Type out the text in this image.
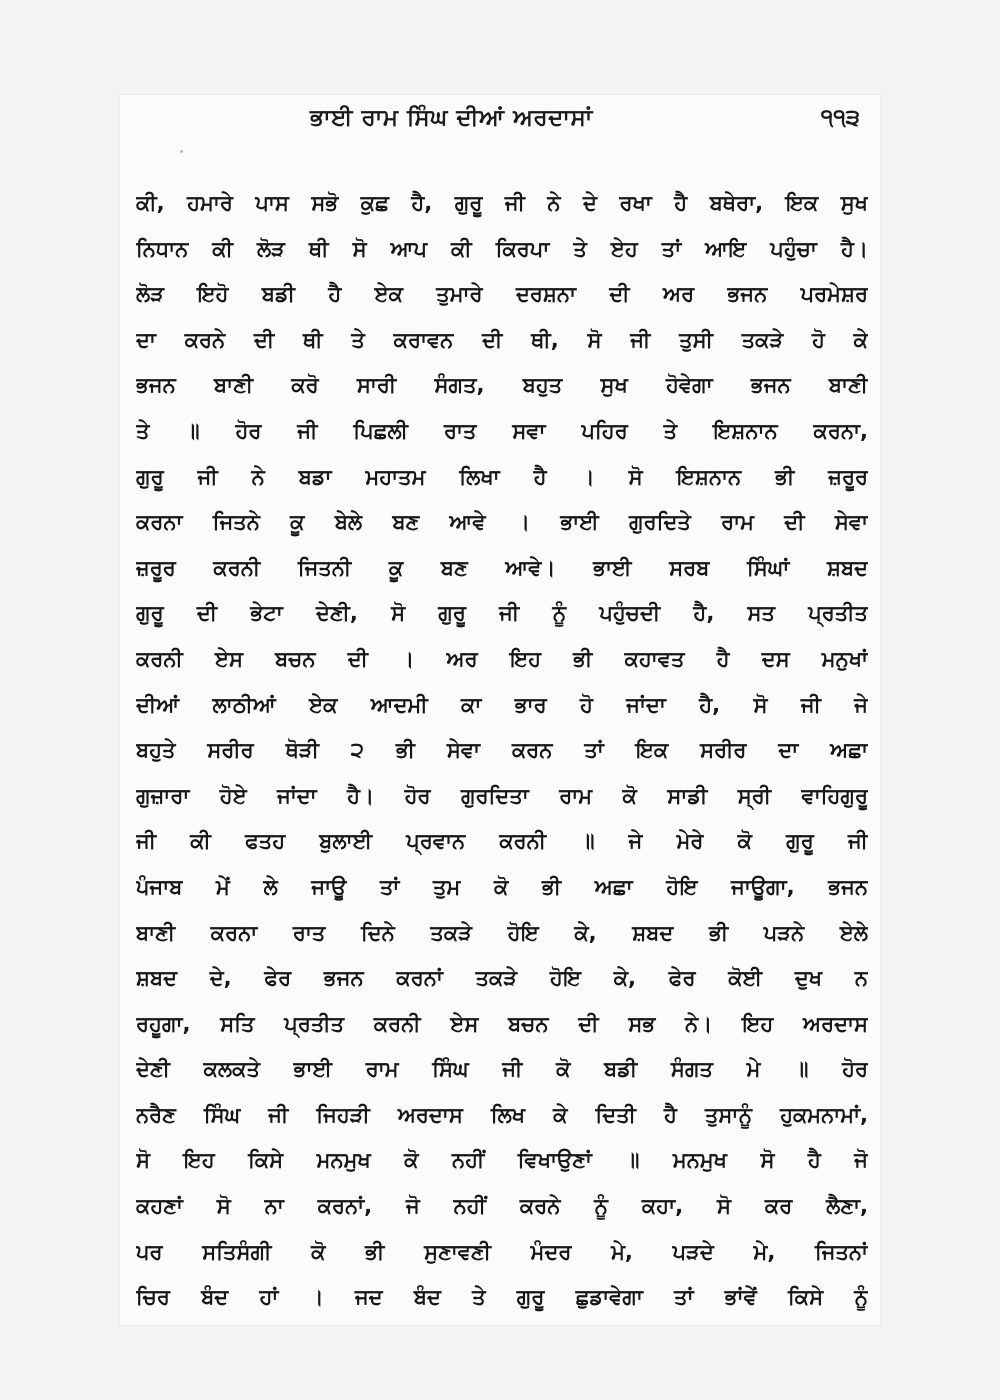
ਭਾਈ ਰਾਮ ਸਿੰਘ ਦੀਆਂ ਅਰਦਾਸਾਂ	੧੧੩
ਕੀ, ਹਮਾਰੇ ਪਾਸ ਸਭੋ ਕੁਛ ਹੈ, ਗੁਰੂ ਜੀ ਨੇ ਦੇ ਰਖਾ ਹੈ ਬਥੇਰਾ, ਇਕ ਸੁਖ
ਨਿਧਾਨ ਕੀ ਲੋੜ ਥੀ ਸੋ ਆਪ ਕੀ ਕਿਰਪਾ ਤੇ ਏਹ ਤਾਂ ਆਇ ਪਹੁੰਚਾ ਹੈ।
ਲੋੜ ਇਹੋ ਬਡੀ ਹੈ ਏਕ ਤੁਮਾਰੇ ਦਰਸ਼ਨਾ ਦੀ ਅਰ ਭਜਨ ਪਰਮੇਸ਼ਰ
ਦਾ ਕਰਨੇ ਦੀ ਥੀ ਤੇ ਕਰਾਵਨ ਦੀ ਥੀ, ਸੋ ਜੀ ਤੁਸੀ ਤਕੜੇ ਹੋ ਕੇ
ਭਜਨ ਬਾਣੀ ਕਰੋ ਸਾਰੀ ਸੰਗਤ, ਬਹੁਤ ਸੁਖ ਹੋਵੇਗਾ ਭਜਨ ਬਾਣੀ
ਤੇ ॥ ਹੋਰ ਜੀ ਪਿਛਲੀ ਰਾਤ ਸਵਾ ਪਹਿਰ ਤੇ ਇਸ਼ਨਾਨ ਕਰਨਾ,
ਗੁਰੂ ਜੀ ਨੇ ਬਡਾ ਮਹਾਤਮ ਲਿਖਾ ਹੈ । ਸੋ ਇਸ਼ਨਾਨ ਭੀ ਜ਼ਰੂਰ
ਕਰਨਾ ਜਿਤਨੇ ਕੂ ਬੇਲੇ ਬਣ ਆਵੇ । ਭਾਈ ਗੁਰਦਿਤੇ ਰਾਮ ਦੀ ਸੇਵਾ
ਜ਼ਰੂਰ ਕਰਨੀ ਜਿਤਨੀ ਕੂ ਬਣ ਆਵੇ। ਭਾਈ ਸਰਬ ਸਿੰਘਾਂ ਸ਼ਬਦ
ਗੁਰੂ ਦੀ ਭੇਟਾ ਦੇਣੀ, ਸੋ ਗੁਰੂ ਜੀ ਨੂੰ ਪਹੁੰਚਦੀ ਹੈ, ਸਤ ਪ੍ਰਤੀਤ
ਕਰਨੀ ਏਸ ਬਚਨ ਦੀ । ਅਰ ਇਹ ਭੀ ਕਹਾਵਤ ਹੈ ਦਸ ਮਨੁਖਾਂ
ਦੀਆਂ ਲਾਠੀਆਂ ਏਕ ਆਦਮੀ ਕਾ ਭਾਰ ਹੋ ਜਾਂਦਾ ਹੈ, ਸੋ ਜੀ ਜੇ
ਬਹੁਤੇ ਸਰੀਰ ਥੋੜੀ ੨ ਭੀ ਸੇਵਾ ਕਰਨ ਤਾਂ ਇਕ ਸਰੀਰ ਦਾ ਅਛਾ
ਗੁਜ਼ਾਰਾ ਹੋਏ ਜਾਂਦਾ ਹੈ। ਹੋਰ ਗੁਰਦਿਤਾ ਰਾਮ ਕੋ ਸਾਡੀ ਸ੍ਰੀ ਵਾਹਿਗੁਰੂ
ਜੀ ਕੀ ਫਤਹ ਬੁਲਾਈ ਪ੍ਰਵਾਨ ਕਰਨੀ ॥ ਜੇ ਮੇਰੇ ਕੋ ਗੁਰੂ ਜੀ
ਪੰਜਾਬ ਮੇਂ ਲੇ ਜਾਊ ਤਾਂ ਤੁਮ ਕੋ ਭੀ ਅਛਾ ਹੋਇ ਜਾਊਗਾ, ਭਜਨ
ਬਾਣੀ ਕਰਨਾ ਰਾਤ ਦਿਨੇ ਤਕੜੇ ਹੋਇ ਕੇ, ਸ਼ਬਦ ਭੀ ਪੜਨੇ ਏਲੇ
ਸ਼ਬਦ ਦੇ, ਫੇਰ ਭਜਨ ਕਰਨਾਂ ਤਕੜੇ ਹੋਇ ਕੇ, ਫੇਰ ਕੋਈ ਦੁਖ ਨ
ਰਹੂਗਾ, ਸਤਿ ਪ੍ਰਤੀਤ ਕਰਨੀ ਏਸ ਬਚਨ ਦੀ ਸਭ ਨੇ। ਇਹ ਅਰਦਾਸ
ਦੇਣੀ ਕਲਕਤੇ ਭਾਈ ਰਾਮ ਸਿੰਘ ਜੀ ਕੋ ਬਡੀ ਸੰਗਤ ਮੇ ॥ ਹੋਰ
ਨਰੈਣ ਸਿੰਘ ਜੀ ਜਿਹੜੀ ਅਰਦਾਸ ਲਿਖ ਕੇ ਦਿਤੀ ਹੈ ਤੁਸਾਨੂੰ ਹੁਕਮਨਾਮਾਂ,
ਸੋ ਇਹ ਕਿਸੇ ਮਨਮੁਖ ਕੋ ਨਹੀਂ ਵਿਖਾਉਣਾਂ ॥ ਮਨਮੁਖ ਸੋ ਹੈ ਜੋ
ਕਹਣਾਂ ਸੋ ਨਾ ਕਰਨਾਂ, ਜੋ ਨਹੀਂ ਕਰਨੇ ਨੂੰ ਕਹਾ, ਸੋ ਕਰ ਲੈਣਾ,
ਪਰ ਸਤਿਸੰਗੀ ਕੋ ਭੀ ਸੁਣਾਵਣੀ ਮੰਦਰ ਮੇ, ਪੜਦੇ ਮੇ, ਜਿਤਨਾਂ
ਚਿਰ ਬੰਦ ਹਾਂ । ਜਦ ਬੰਦ ਤੇ ਗੁਰੂ ਛੁਡਾਵੇਗਾ ਤਾਂ ਭਾਂਵੇਂ ਕਿਸੇ ਨੂੰ
